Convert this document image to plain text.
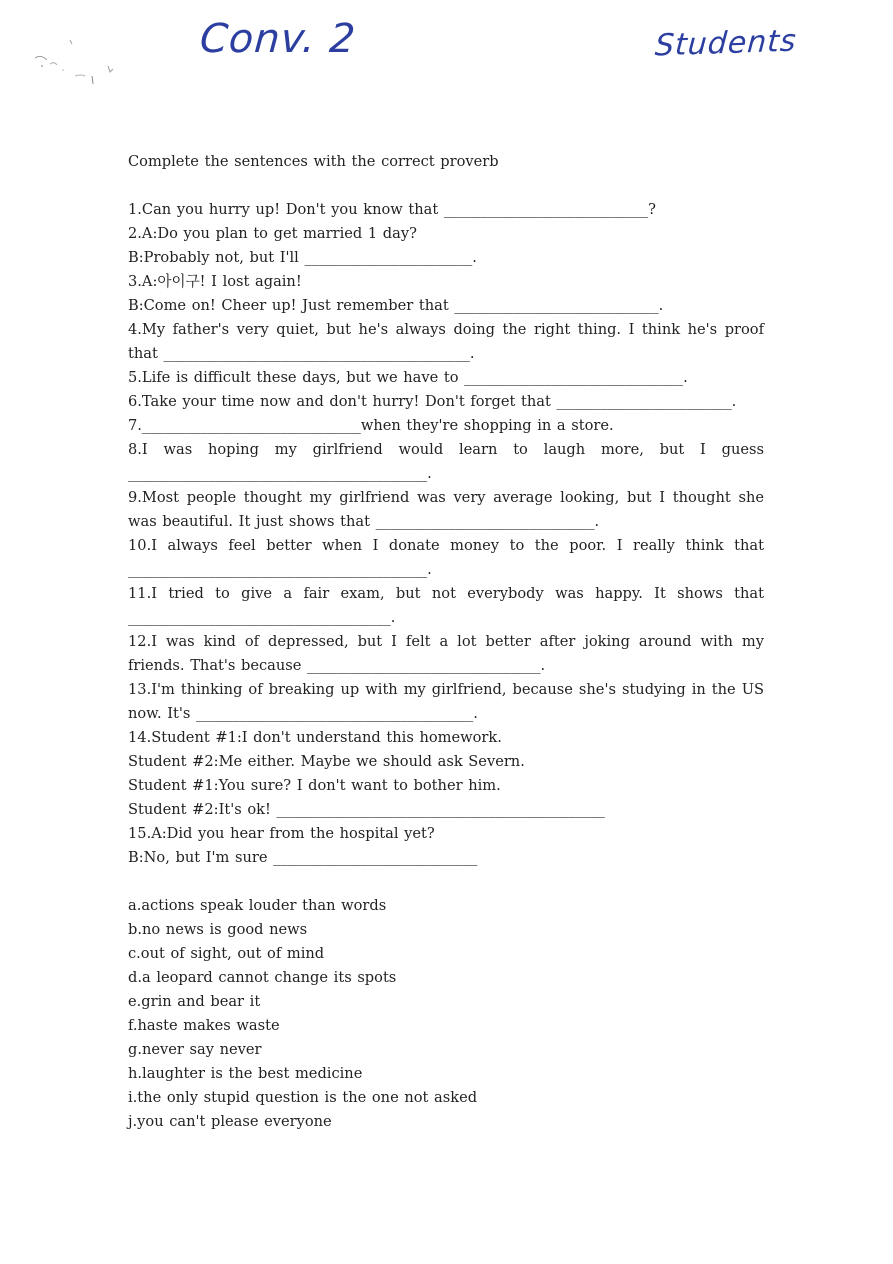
Conv. 2	Students
Complete the sentences with the correct proverb
1.Can you hurry up! Don't you know that ____________________________?
2.A:Do you plan to get married 1 day?
B:Probably not, but I'll _______________________.
3.A:아이구! I lost again!
B:Come on! Cheer up! Just remember that ____________________________.
4.My father's very quiet, but he's always doing the right thing. I think he's proof
that __________________________________________.
5.Life is difficult these days, but we have to ______________________________.
6.Take your time now and don't hurry! Don't forget that ________________________.
7.______________________________when they're shopping in a store.
8.I was hoping my girlfriend would learn to laugh more, but I guess
_________________________________________.
9.Most people thought my girlfriend was very average looking, but I thought she
was beautiful. It just shows that ______________________________.
10.I always feel better when I donate money to the poor. I really think that
_________________________________________.
11.I tried to give a fair exam, but not everybody was happy. It shows that
____________________________________.
12.I was kind of depressed, but I felt a lot better after joking around with my
friends. That's because ________________________________.
13.I'm thinking of breaking up with my girlfriend, because she's studying in the US
now. It's ______________________________________.
14.Student #1:I don't understand this homework.
Student #2:Me either. Maybe we should ask Severn.
Student #1:You sure? I don't want to bother him.
Student #2:It's ok! _____________________________________________
15.A:Did you hear from the hospital yet?
B:No, but I'm sure ____________________________
a.actions speak louder than words
b.no news is good news
c.out of sight, out of mind
d.a leopard cannot change its spots
e.grin and bear it
f.haste makes waste
g.never say never
h.laughter is the best medicine
i.the only stupid question is the one not asked
j.you can't please everyone
